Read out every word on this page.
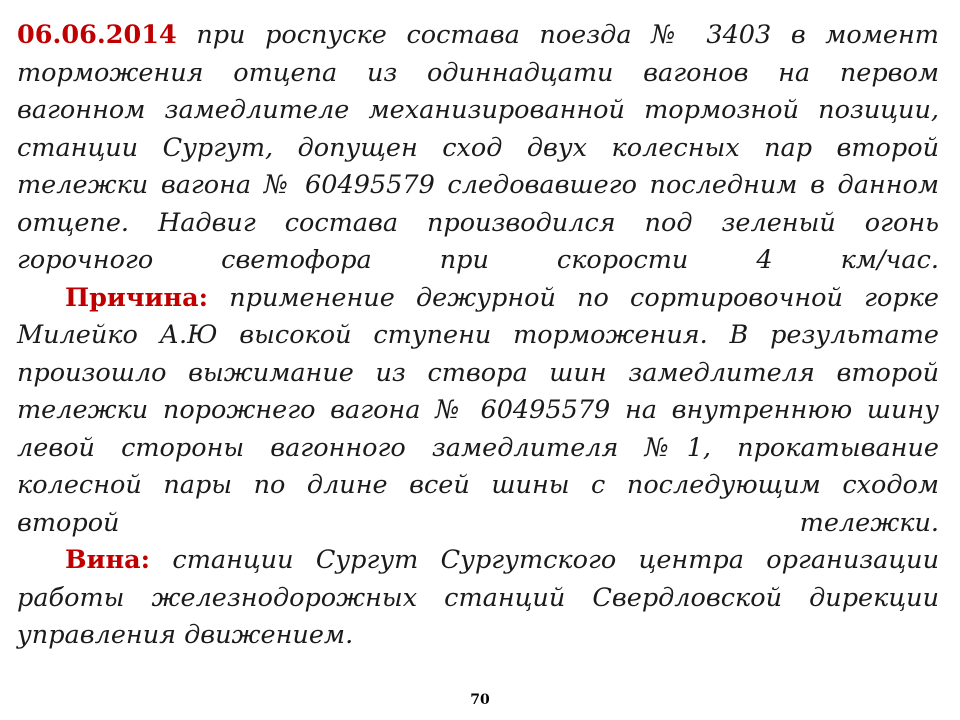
06.06.2014 при роспуске состава поезда № 3403 в момент торможения отцепа из одиннадцати вагонов на первом вагонном замедлителе механизированной тормозной позиции, станции Сургут, допущен сход двух колесных пар второй тележки вагона № 60495579 следовавшего последним в данном отцепе. Надвиг состава производился под зеленый огонь горочного светофора при скорости 4 км/час.

Причина: применение дежурной по сортировочной горке Милейко А.Ю высокой ступени торможения. В результате произошло выжимание из створа шин замедлителя второй тележки порожнего вагона № 60495579 на внутреннюю шину левой стороны вагонного замедлителя №1, прокатывание колесной пары по длине всей шины с последующим сходом второй тележки.

Вина: станции Сургут Сургутского центра организации работы железнодорожных станций Свердловской дирекции управления движением.

70
